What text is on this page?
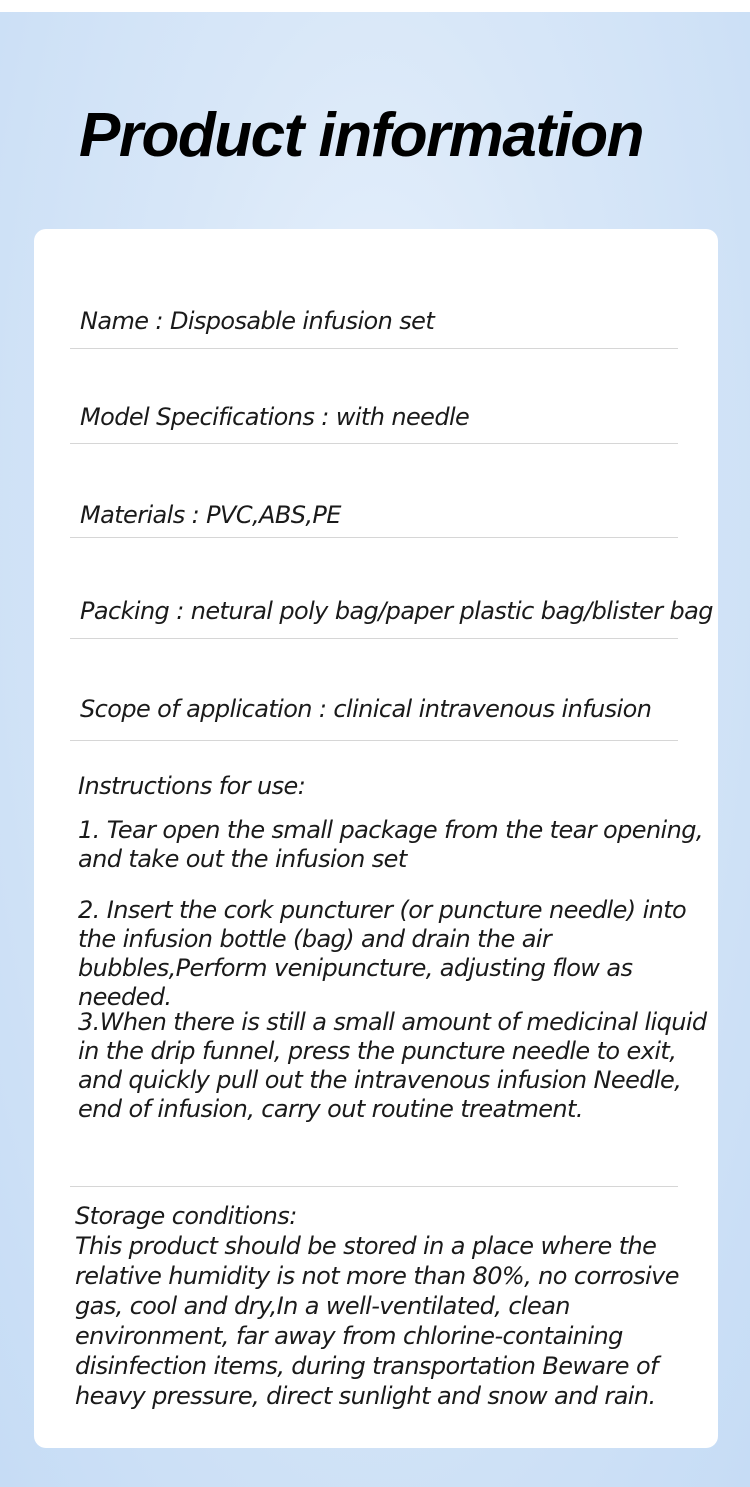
Product information
Name : Disposable infusion set
Model Specifications : with needle
Materials : PVC,ABS,PE
Packing : netural poly bag/paper plastic bag/blister bag
Scope of application : clinical intravenous infusion

Instructions for use:

1. Tear open the small package from the tear opening, and take out the infusion set

2. Insert the cork puncturer (or puncture needle) into the infusion bottle (bag) and drain the air bubbles,Perform venipuncture, adjusting flow as needed.

3.When there is still a small amount of medicinal liquid in the drip funnel, press the puncture needle to exit, and quickly pull out the intravenous infusion Needle, end of infusion, carry out routine treatment.

Storage conditions:
This product should be stored in a place where the
relative humidity is not more than 80%, no corrosive
gas, cool and dry,In a well-ventilated, clean
environment, far away from chlorine-containing
disinfection items, during transportation Beware of
heavy pressure, direct sunlight and snow and rain.
